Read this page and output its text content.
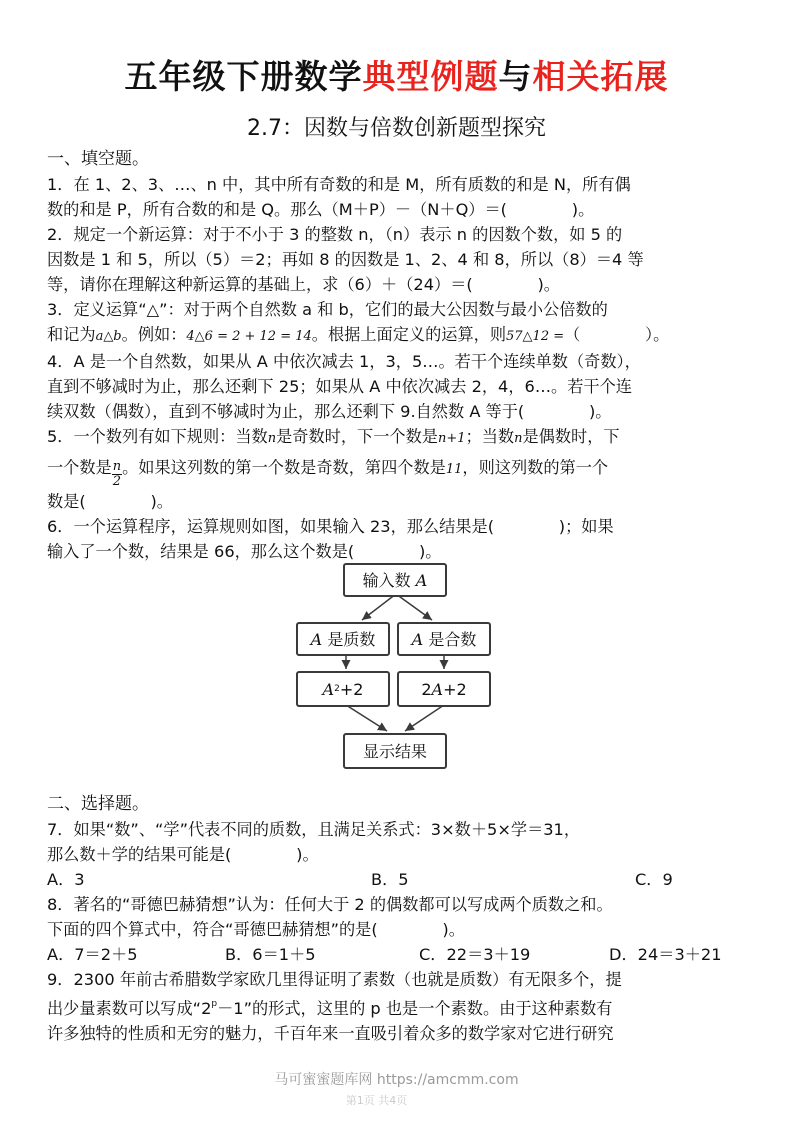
五年级下册数学典型例题与相关拓展
2.7：因数与倍数创新题型探究

一、填空题。

1．在 1、2、3、…、n 中，其中所有奇数的和是 M，所有质数的和是 N，所有偶

数的和是 P，所有合数的和是 Q。那么（M＋P）－（N＋Q）＝(　　　　)。

2．规定一个新运算：对于不小于 3 的整数 n，（n）表示 n 的因数个数，如 5 的

因数是 1 和 5，所以（5）＝2；再如 8 的因数是 1、2、4 和 8，所以（8）＝4 等

等，请你在理解这种新运算的基础上，求（6）＋（24）＝(　　　　)。

3．定义运算“△”：对于两个自然数 a 和 b，它们的最大公因数与最小公倍数的

和记为a△b。例如：4△6 = 2 + 12 = 14。根据上面定义的运算，则57△12 =（　　　　）。

4．A 是一个自然数，如果从 A 中依次减去 1，3，5…。若干个连续单数（奇数），

直到不够减时为止，那么还剩下 25；如果从 A 中依次减去 2，4，6…。若干个连

续双数（偶数），直到不够减时为止，那么还剩下 9.自然数 A 等于(　　　　)。

5．一个数列有如下规则：当数n是奇数时，下一个数是n+1；当数n是偶数时，下

一个数是 $\frac{n}{2}$ 。如果这列数的第一个数是奇数，第四个数是11，则这列数的第一个

数是(　　　　)。

6．一个运算程序，运算规则如图，如果输入 23，那么结果是(　　　　)；如果

输入了一个数，结果是 66，那么这个数是(　　　　)。

输入数
A
A
是质数 A
是合数
A 2 +2	2 A +2
显示结果

二、选择题。

7．如果“数”、“学”代表不同的质数，且满足关系式：3×数＋5×学＝31，

那么数＋学的结果可能是(　　　　)。

A．3	B．5	C．9

8．著名的“哥德巴赫猜想”认为：任何大于 2 的偶数都可以写成两个质数之和。

下面的四个算式中，符合“哥德巴赫猜想”的是(　　　　)。

A．7＝2＋5	B．6＝1＋5	C．22＝3＋19	D．24＝3＋21

9．2300 年前古希腊数学家欧几里得证明了素数（也就是质数）有无限多个，提

出少量素数可以写成“$2^p-1$”的形式，这里的 p 也是一个素数。由于这种素数有

许多独特的性质和无穷的魅力，千百年来一直吸引着众多的数学家对它进行研究

马可蜜蜜题库网 https://amcmm.com
第1页 共4页
